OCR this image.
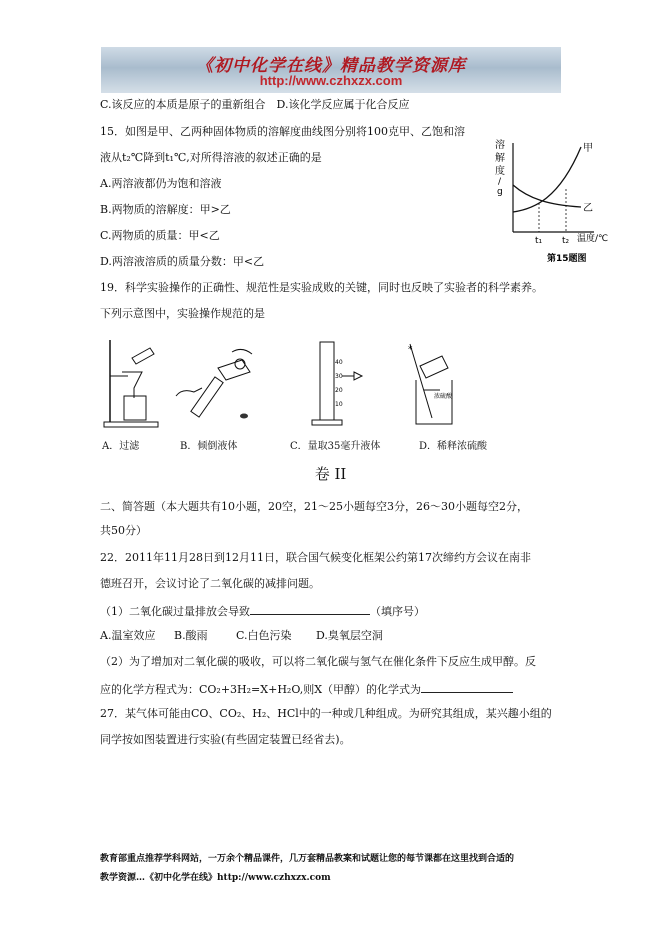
《初中化学在线》精品教学资源库
http://www.czhxzx.com
C.该反应的本质是原子的重新组合　D.该化学反应属于化合反应
15．如图是甲、乙两种固体物质的溶解度曲线图分别将100克甲、乙饱和溶
液从t₂℃降到t₁℃,对所得溶液的叙述正确的是
A.两溶液都仍为饱和溶液
B.两物质的溶解度：甲>乙
C.两物质的质量：甲<乙
D.两溶液溶质的质量分数：甲<乙
19．科学实验操作的正确性、规范性是实验成败的关键，同时也反映了实验者的科学素养。
下列示意图中，实验操作规范的是
溶
解
度
/
g
甲
乙
t₁ t₂ 温度/℃
第15题图
40
30
20
10
*
浓硫酸
A．过滤	B．倾倒液体	C．量取35毫升液体	D．稀释浓硫酸
卷 II
二、简答题（本大题共有10小题，20空，21～25小题每空3分，26～30小题每空2分，
共50分）
22．2011年11月28日到12月11日，联合国气候变化框架公约第17次缔约方会议在南非
德班召开，会议讨论了二氧化碳的减排问题。
（1）二氧化碳过量排放会导致	（填序号）
A.温室效应 B.酸雨	C.白色污染 D.臭氧层空洞
（2）为了增加对二氧化碳的吸收，可以将二氧化碳与氢气在催化条件下反应生成甲醇。反
应的化学方程式为：CO₂+3H₂=X+H₂O,则X（甲醇）的化学式为
27．某气体可能由CO、CO₂、H₂、HCl中的一种或几种组成。为研究其组成，某兴趣小组的
同学按如图装置进行实验(有些固定装置已经省去)。
教育部重点推荐学科网站，一万余个精品课件，几万套精品教案和试题让您的每节课都在这里找到合适的
教学资源…《初中化学在线》http://www.czhxzx.com
